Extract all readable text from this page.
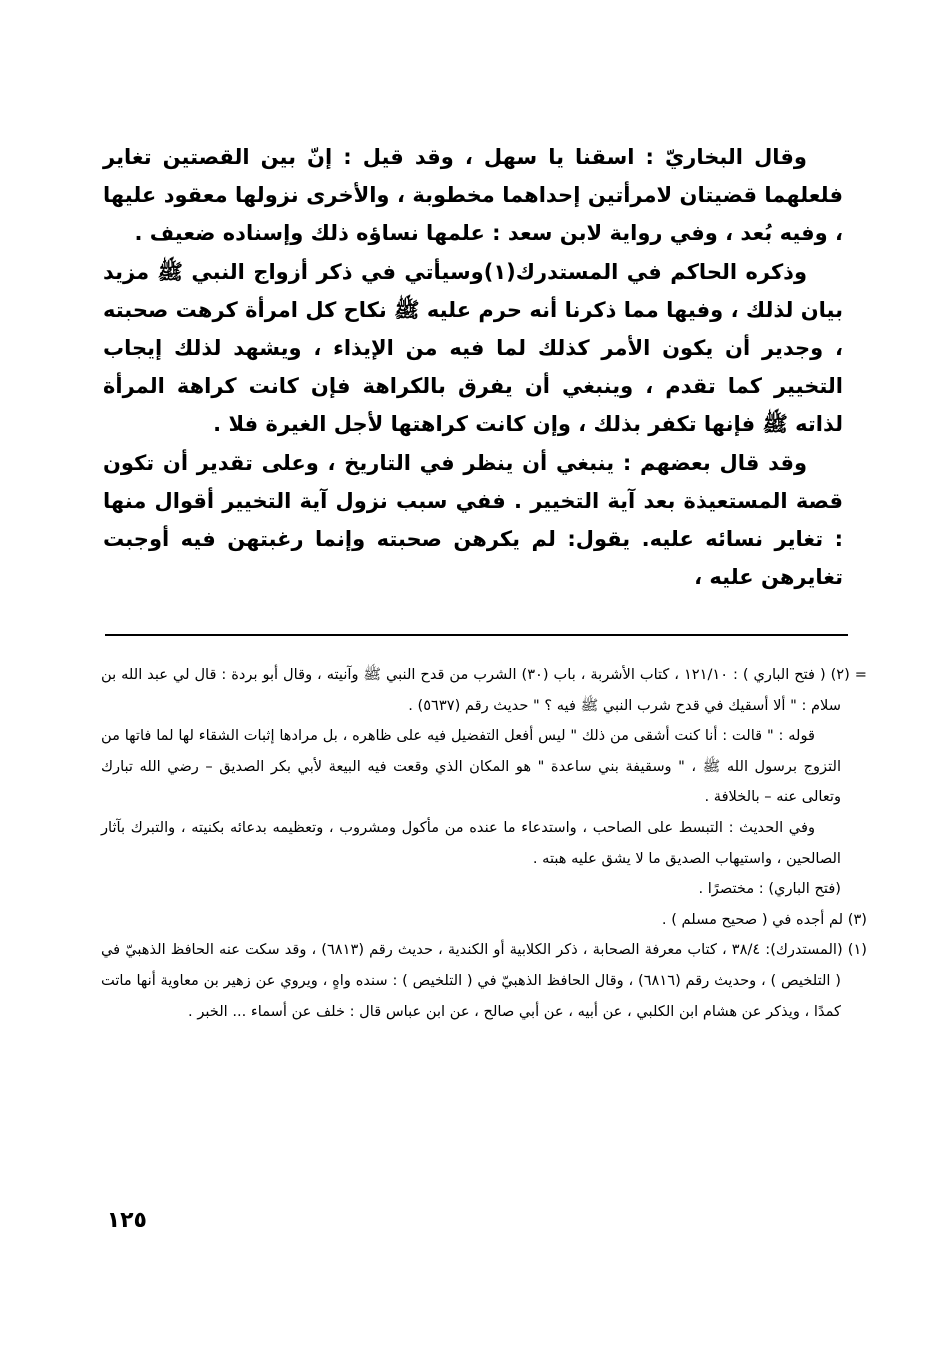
وقال البخاريّ : اسقنا يا سهل ، وقد قيل : إنّ بين القصتين تغاير فلعلهما قضيتان لامرأتين إحداهما مخطوبة ، والأخرى نزولها معقود عليها ، وفيه بُعد ، وفي رواية لابن سعد : علمها نساؤه ذلك وإسناده ضعيف .

وذكره الحاكم في المستدرك(١)وسيأتي في ذكر أزواج النبي ﷺ مزيد بيان لذلك ، وفيها مما ذكرنا أنه حرم عليه ﷺ نكاح كل امرأة كرهت صحبته ، وجدير أن يكون الأمر كذلك لما فيه من الإيذاء ، ويشهد لذلك إيجاب التخيير كما تقدم ، وينبغي أن يفرق بالكراهة فإن كانت كراهة المرأة لذاته ﷺ فإنها تكفر بذلك ، وإن كانت كراهتها لأجل الغيرة فلا .

وقد قال بعضهم : ينبغي أن ينظر في التاريخ ، وعلى تقدير أن تكون قصة المستعيذة بعد آية التخيير . ففي سبب نزول آية التخيير أقوال منها : تغاير نسائه عليه. يقول: لم يكرهن صحبته وإنما رغبتهن فيه أوجبت تغايرهن عليه ،

= (٢) ( فتح الباري ) : ١٢١/١٠ ، كتاب الأشربة ، باب (٣٠) الشرب من قدح النبي ﷺ وآنيته ، وقال أبو بردة : قال لي عبد الله بن سلام : " ألا أسقيك في قدح شرب النبي ﷺ فيه ؟ " حديث رقم (٥٦٣٧) .

قوله : " قالت : أنا كنت أشقى من ذلك " ليس أفعل التفضيل فيه على ظاهره ، بل مرادها إثبات الشقاء لها لما فاتها من التزوج برسول الله ﷺ ، " وسقيفة بني ساعدة " هو المكان الذي وقعت فيه البيعة لأبي بكر الصديق – رضي الله تبارك وتعالى عنه – بالخلافة .

وفي الحديث : التبسط على الصاحب ، واستدعاء ما عنده من مأكول ومشروب ، وتعظيمه بدعائه بكنيته ، والتبرك بآثار الصالحين ، واستيهاب الصديق ما لا يشق عليه هبته .

(فتح الباري) : مختصرًا .

(٣) لم أجده في ( صحيح مسلم ) .

(١) (المستدرك): ٣٨/٤ ، كتاب معرفة الصحابة ، ذكر الكلابية أو الكندية ، حديث رقم (٦٨١٣) ، وقد سكت عنه الحافظ الذهبيّ في ( التلخيص ) ، وحديث رقم (٦٨١٦) ، وقال الحافظ الذهبيّ في ( التلخيص ) : سنده واهٍ ، ويروي عن زهير بن معاوية أنها ماتت كمدًا ، ويذكر عن هشام ابن الكلبي ، عن أبيه ، عن أبي صالح ، عن ابن عباس قال : خلف عن أسماء ... الخبر .

١٢٥
